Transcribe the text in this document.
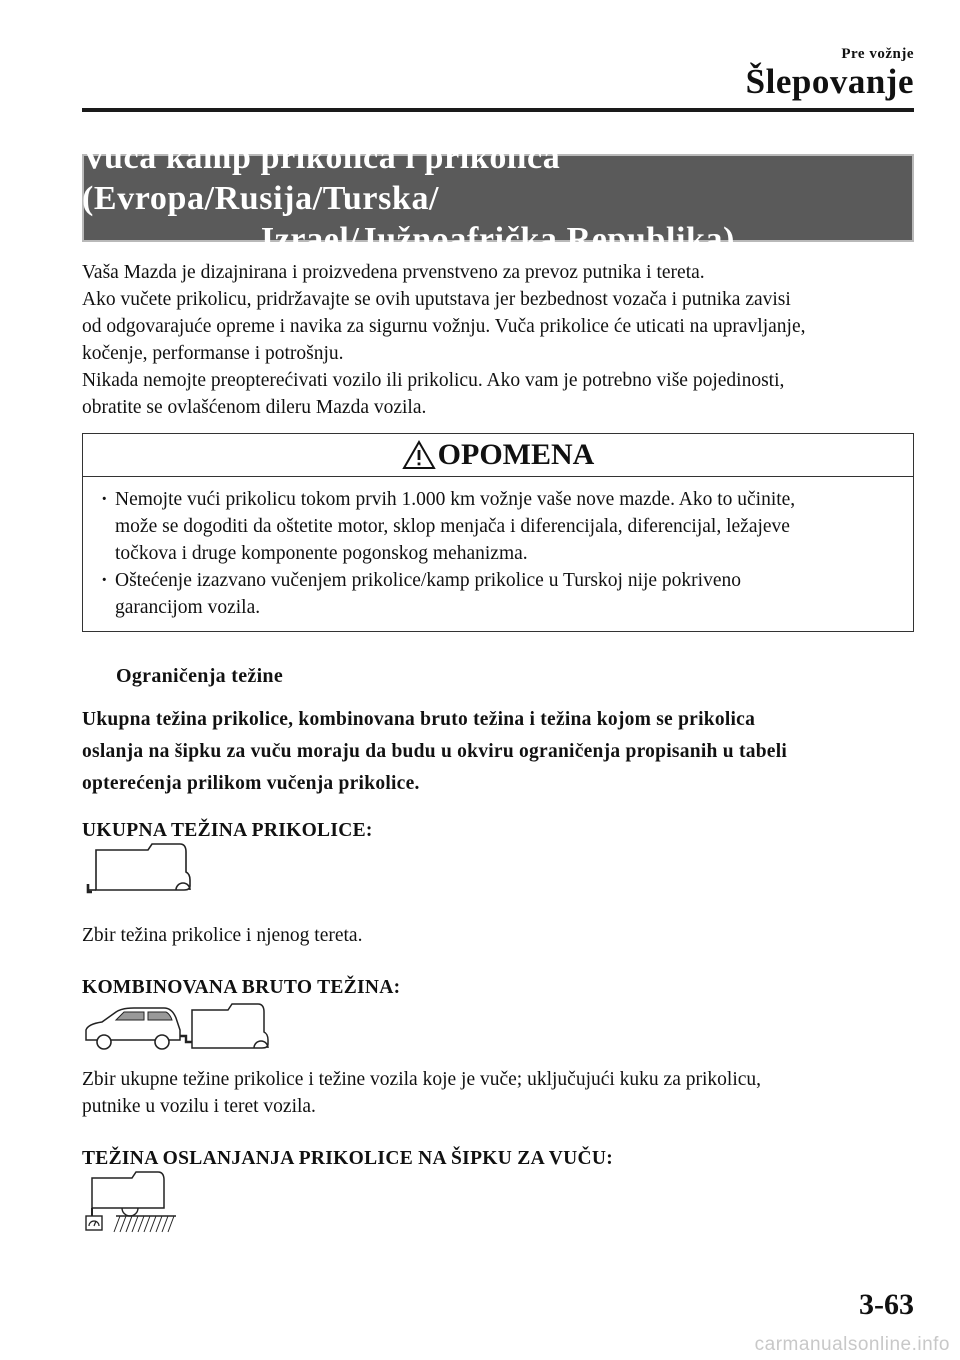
Pre vožnje
Šlepovanje
Vuča kamp prikolica i prikolica (Evropa/Rusija/Turska/
Izrael/Južnoafrička Republika)
Vaša Mazda je dizajnirana i proizvedena prvenstveno za prevoz putnika i tereta.
Ako vučete prikolicu, pridržavajte se ovih uputstava jer bezbednost vozača i putnika zavisi
od odgovarajuće opreme i navika za sigurnu vožnju. Vuča prikolice će uticati na upravljanje,
kočenje, performanse i potrošnju.
Nikada nemojte preopterećivati vozilo ili prikolicu. Ako vam je potrebno više pojedinosti,
obratite se ovlašćenom dileru Mazda vozila.
OPOMENA
· Nemojte vući prikolicu tokom prvih 1.000 km vožnje vaše nove mazde. Ako to učinite,
može se dogoditi da oštetite motor, sklop menjača i diferencijala, diferencijal, ležajeve
točkova i druge komponente pogonskog mehanizma.
· Oštećenje izazvano vučenjem prikolice/kamp prikolice u Turskoj nije pokriveno
garancijom vozila.
Ograničenja težine
Ukupna težina prikolice, kombinovana bruto težina i težina kojom se prikolica
oslanja na šipku za vuču moraju da budu u okviru ograničenja propisanih u tabeli
opterećenja prilikom vučenja prikolice.
UKUPNA TEŽINA PRIKOLICE:
Zbir težina prikolice i njenog tereta.
KOMBINOVANA BRUTO TEŽINA:
Zbir ukupne težine prikolice i težine vozila koje je vuče; uključujući kuku za prikolicu,
putnike u vozilu i teret vozila.
TEŽINA OSLANJANJA PRIKOLICE NA ŠIPKU ZA VUČU:
3-63
carmanualsonline.info
